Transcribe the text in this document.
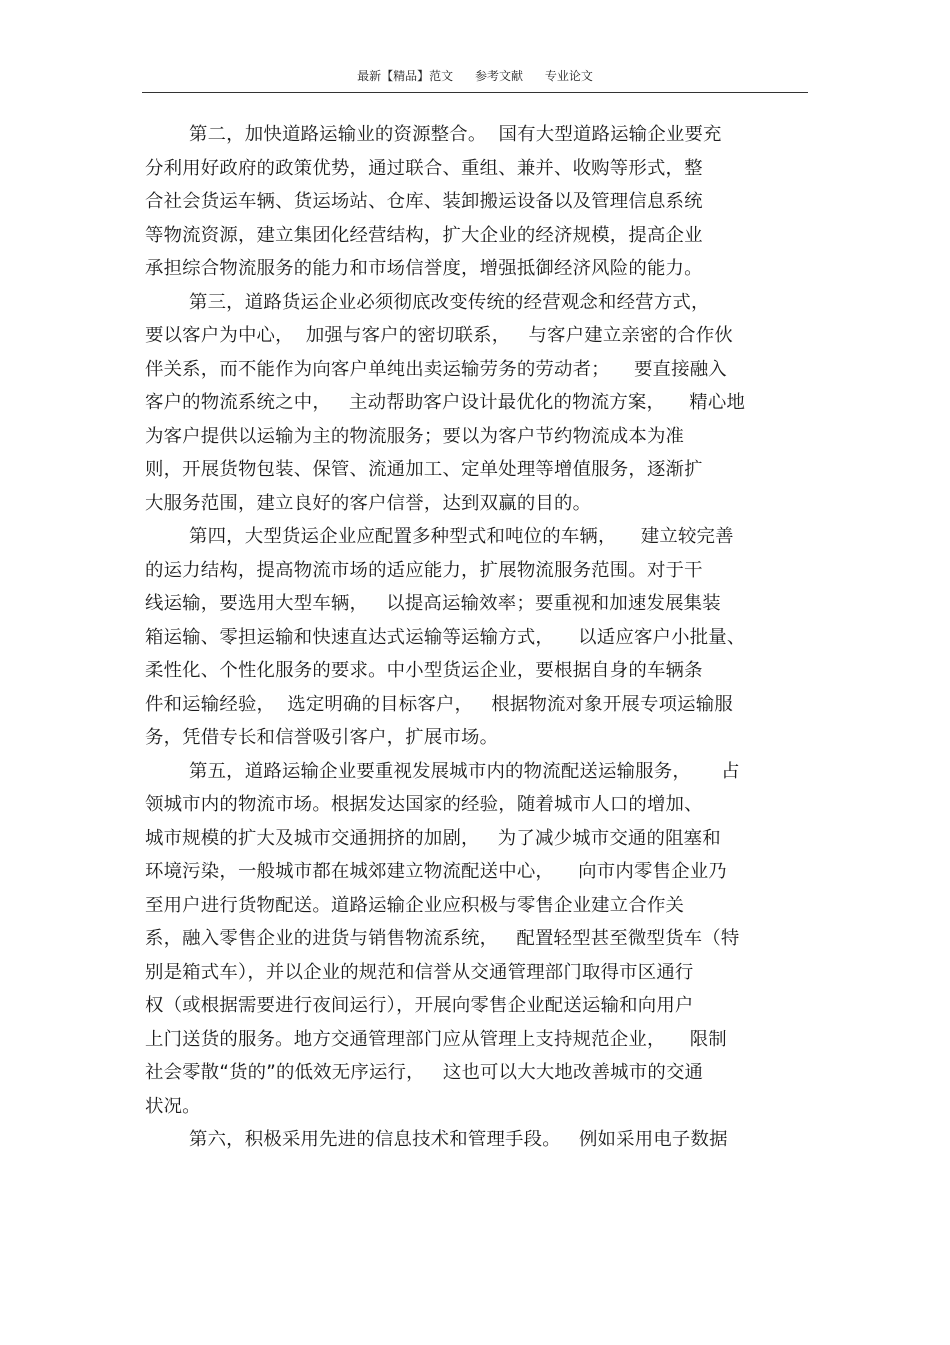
最新【精品】范文 参考文献 专业论文
第二，加快道路运输业的资源整合。  国有大型道路运输企业要充
分利用好政府的政策优势，通过联合、重组、兼并、收购等形式，整
合社会货运车辆、货运场站、仓库、装卸搬运设备以及管理信息系统
等物流资源，建立集团化经营结构，扩大企业的经济规模，提高企业
承担综合物流服务的能力和市场信誉度，增强抵御经济风险的能力。
第三，道路货运企业必须彻底改变传统的经营观念和经营方式，
要以客户为中心，  加强与客户的密切联系，   与客户建立亲密的合作伙
伴关系，而不能作为向客户单纯出卖运输劳务的劳动者；    要直接融入
客户的物流系统之中，   主动帮助客户设计最优化的物流方案，    精心地
为客户提供以运输为主的物流服务；要以为客户节约物流成本为准
则，开展货物包装、保管、流通加工、定单处理等增值服务，逐渐扩
大服务范围，建立良好的客户信誉，达到双赢的目的。
第四，大型货运企业应配置多种型式和吨位的车辆，    建立较完善
的运力结构，提高物流市场的适应能力，扩展物流服务范围。对于干
线运输，要选用大型车辆，   以提高运输效率；要重视和加速发展集装
箱运输、零担运输和快速直达式运输等运输方式，    以适应客户小批量、
柔性化、个性化服务的要求。中小型货运企业，要根据自身的车辆条
件和运输经验，  选定明确的目标客户，   根据物流对象开展专项运输服
务，凭借专长和信誉吸引客户，扩展市场。
第五，道路运输企业要重视发展城市内的物流配送运输服务，     占
领城市内的物流市场。根据发达国家的经验，随着城市人口的增加、
城市规模的扩大及城市交通拥挤的加剧，   为了减少城市交通的阻塞和
环境污染，一般城市都在城郊建立物流配送中心，    向市内零售企业乃
至用户进行货物配送。道路运输企业应积极与零售企业建立合作关
系，融入零售企业的进货与销售物流系统，   配置轻型甚至微型货车（特
别是箱式车），并以企业的规范和信誉从交通管理部门取得市区通行
权（或根据需要进行夜间运行），开展向零售企业配送运输和向用户
上门送货的服务。地方交通管理部门应从管理上支持规范企业，    限制
社会零散“货的”的低效无序运行，   这也可以大大地改善城市的交通
状况。
第六，积极采用先进的信息技术和管理手段。   例如采用电子数据
